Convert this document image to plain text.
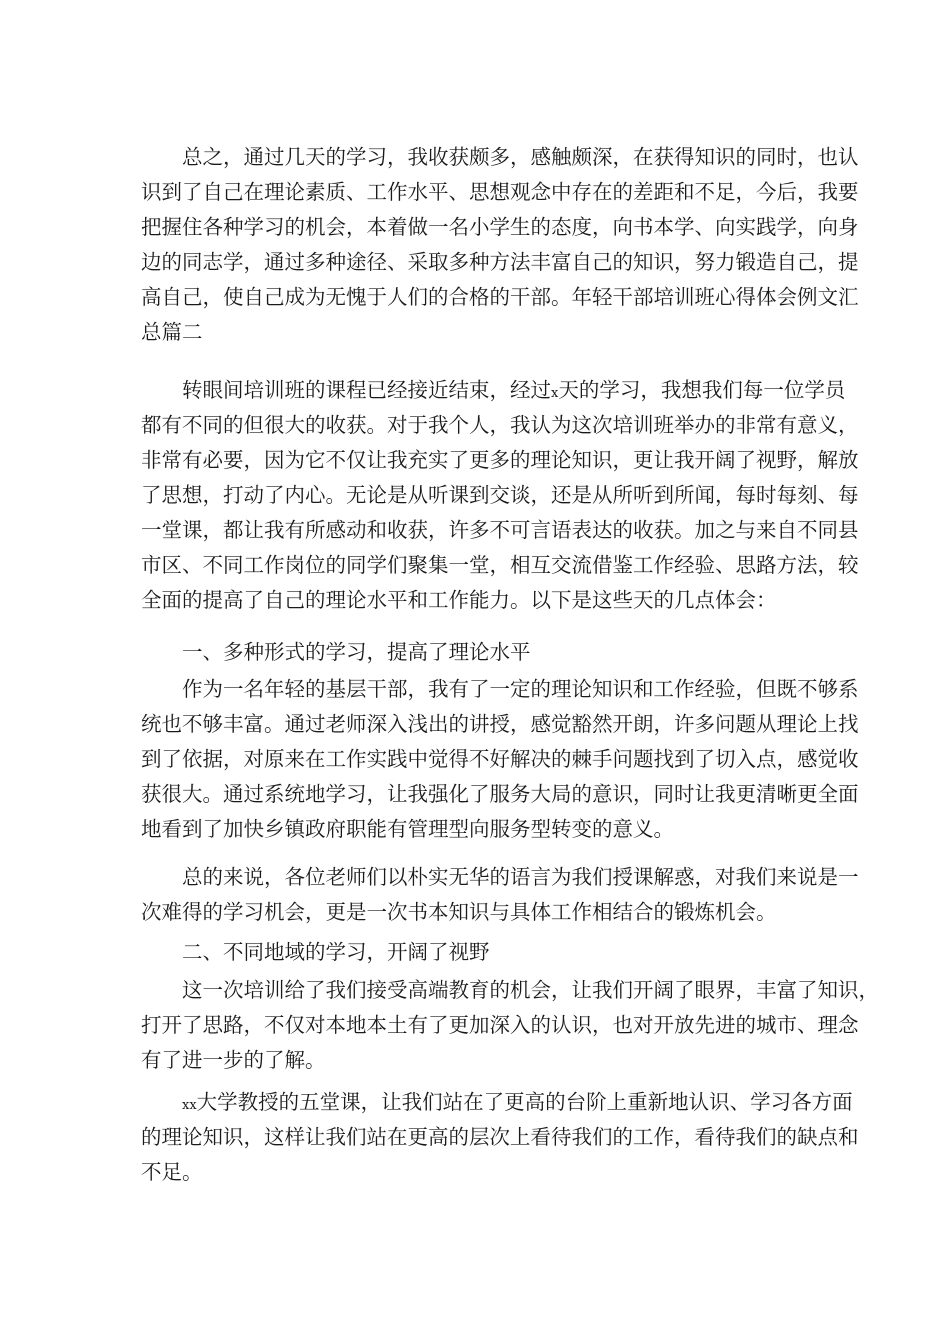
总之，通过几天的学习，我收获颇多，感触颇深，在获得知识的同时，也认
识到了自己在理论素质、工作水平、思想观念中存在的差距和不足，今后，我要
把握住各种学习的机会，本着做一名小学生的态度，向书本学、向实践学，向身
边的同志学，通过多种途径、采取多种方法丰富自己的知识，努力锻造自己，提
高自己，使自己成为无愧于人们的合格的干部。年轻干部培训班心得体会例文汇
总篇二
转眼间培训班的课程已经接近结束，经过x天的学习，我想我们每一位学员
都有不同的但很大的收获。对于我个人，我认为这次培训班举办的非常有意义，
非常有必要，因为它不仅让我充实了更多的理论知识，更让我开阔了视野，解放
了思想，打动了内心。无论是从听课到交谈，还是从所听到所闻，每时每刻、每
一堂课，都让我有所感动和收获，许多不可言语表达的收获。加之与来自不同县
市区、不同工作岗位的同学们聚集一堂，相互交流借鉴工作经验、思路方法，较
全面的提高了自己的理论水平和工作能力。以下是这些天的几点体会：
一、多种形式的学习，提高了理论水平
作为一名年轻的基层干部，我有了一定的理论知识和工作经验，但既不够系
统也不够丰富。通过老师深入浅出的讲授，感觉豁然开朗，许多问题从理论上找
到了依据，对原来在工作实践中觉得不好解决的棘手问题找到了切入点，感觉收
获很大。通过系统地学习，让我强化了服务大局的意识，同时让我更清晰更全面
地看到了加快乡镇政府职能有管理型向服务型转变的意义。
总的来说，各位老师们以朴实无华的语言为我们授课解惑，对我们来说是一
次难得的学习机会，更是一次书本知识与具体工作相结合的锻炼机会。
二、不同地域的学习，开阔了视野
这一次培训给了我们接受高端教育的机会，让我们开阔了眼界，丰富了知识，
打开了思路，不仅对本地本土有了更加深入的认识，也对开放先进的城市、理念
有了进一步的了解。
xx大学教授的五堂课，让我们站在了更高的台阶上重新地认识、学习各方面
的理论知识，这样让我们站在更高的层次上看待我们的工作，看待我们的缺点和
不足。
